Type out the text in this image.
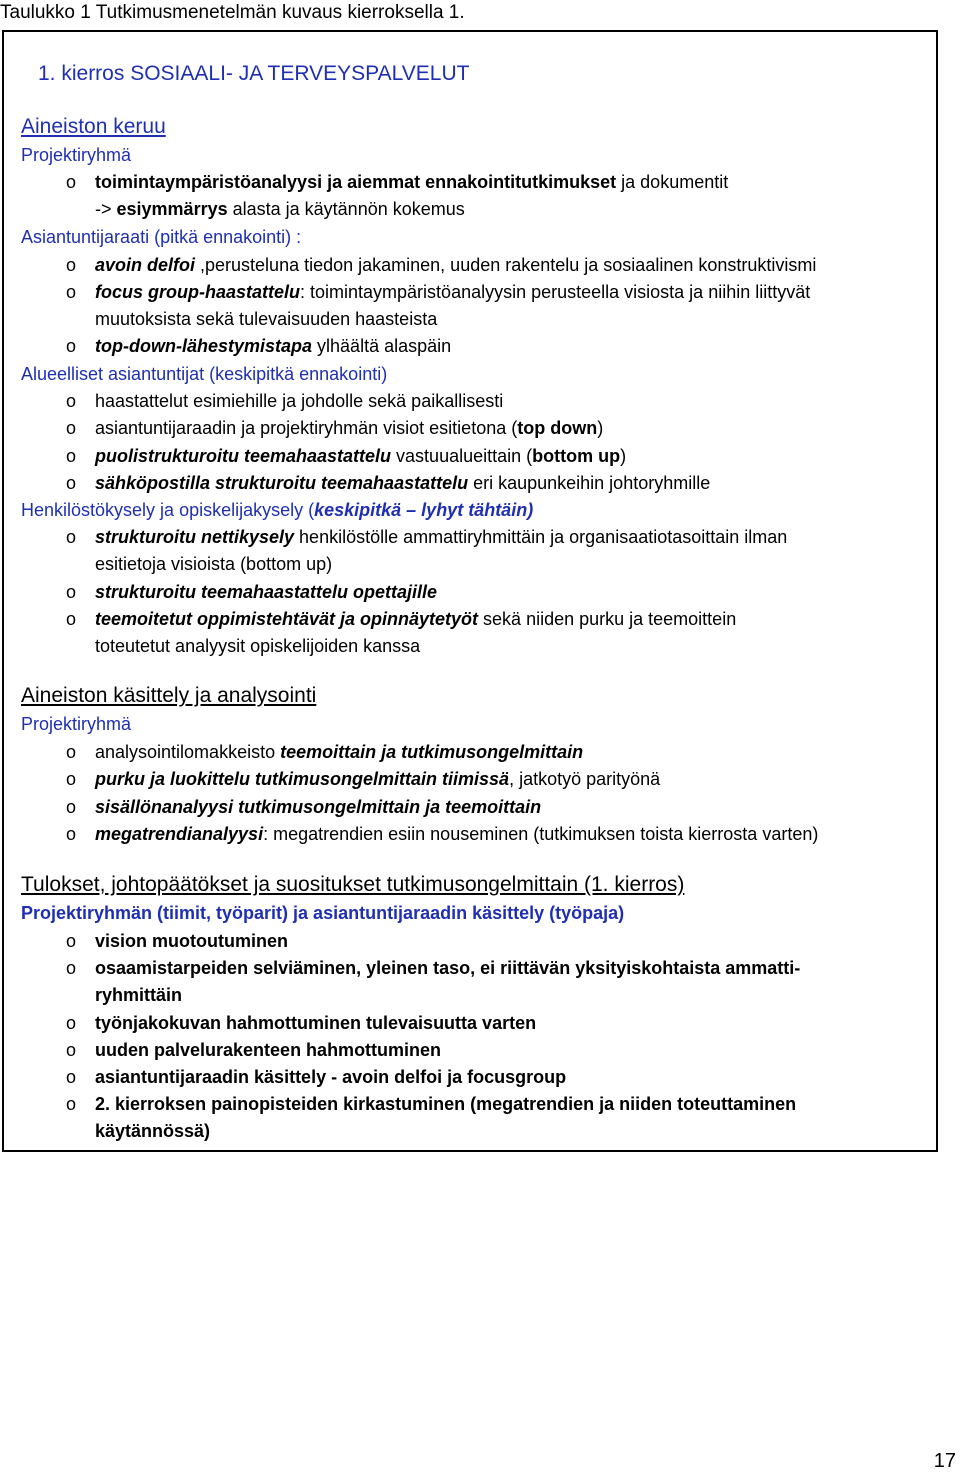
Taulukko 1 Tutkimusmenetelmän kuvaus kierroksella 1.
1. kierros SOSIAALI- JA TERVEYSPALVELUT
Aineiston keruu
Projektiryhmä
o toimintaympäristöanalyysi ja aiemmat ennakointitutkimukset ja dokumentit
-> esiymmärrys alasta ja käytännön kokemus
Asiantuntijaraati (pitkä ennakointi) :
o avoin delfoi ,perusteluna tiedon jakaminen, uuden rakentelu ja sosiaalinen konstruktivismi
o focus group-haastattelu: toimintaympäristöanalyysin perusteella visiosta ja niihin liittyvät
muutoksista sekä tulevaisuuden haasteista
o top-down-lähestymistapa ylhäältä alaspäin
Alueelliset asiantuntijat (keskipitkä ennakointi)
o haastattelut esimiehille ja johdolle sekä paikallisesti
o asiantuntijaraadin ja projektiryhmän visiot esitietona (top down)
o puolistrukturoitu teemahaastattelu vastuualueittain (bottom up)
o sähköpostilla strukturoitu teemahaastattelu eri kaupunkeihin johtoryhmille
Henkilöstökysely ja opiskelijakysely (keskipitkä – lyhyt tähtäin)
o strukturoitu nettikysely henkilöstölle ammattiryhmittäin ja organisaatiotasoittain ilman
esitietoja visioista (bottom up)
o strukturoitu teemahaastattelu opettajille
o teemoitetut oppimistehtävät ja opinnäytetyöt sekä niiden purku ja teemoittein
toteutetut analyysit opiskelijoiden kanssa
Aineiston käsittely ja analysointi
Projektiryhmä
o analysointilomakkeisto teemoittain ja tutkimusongelmittain
o purku ja luokittelu tutkimusongelmittain tiimissä, jatkotyö parityönä
o sisällönanalyysi tutkimusongelmittain ja teemoittain
o megatrendianalyysi: megatrendien esiin nouseminen (tutkimuksen toista kierrosta varten)
Tulokset, johtopäätökset ja suositukset tutkimusongelmittain (1. kierros)
Projektiryhmän (tiimit, työparit) ja asiantuntijaraadin käsittely (työpaja)
o vision muotoutuminen
o osaamistarpeiden selviäminen, yleinen taso, ei riittävän yksityiskohtaista ammatti-
ryhmittäin
o työnjakokuvan hahmottuminen tulevaisuutta varten
o uuden palvelurakenteen hahmottuminen
o asiantuntijaraadin käsittely - avoin delfoi ja focusgroup
o 2. kierroksen painopisteiden kirkastuminen (megatrendien ja niiden toteuttaminen
käytännössä)
17
